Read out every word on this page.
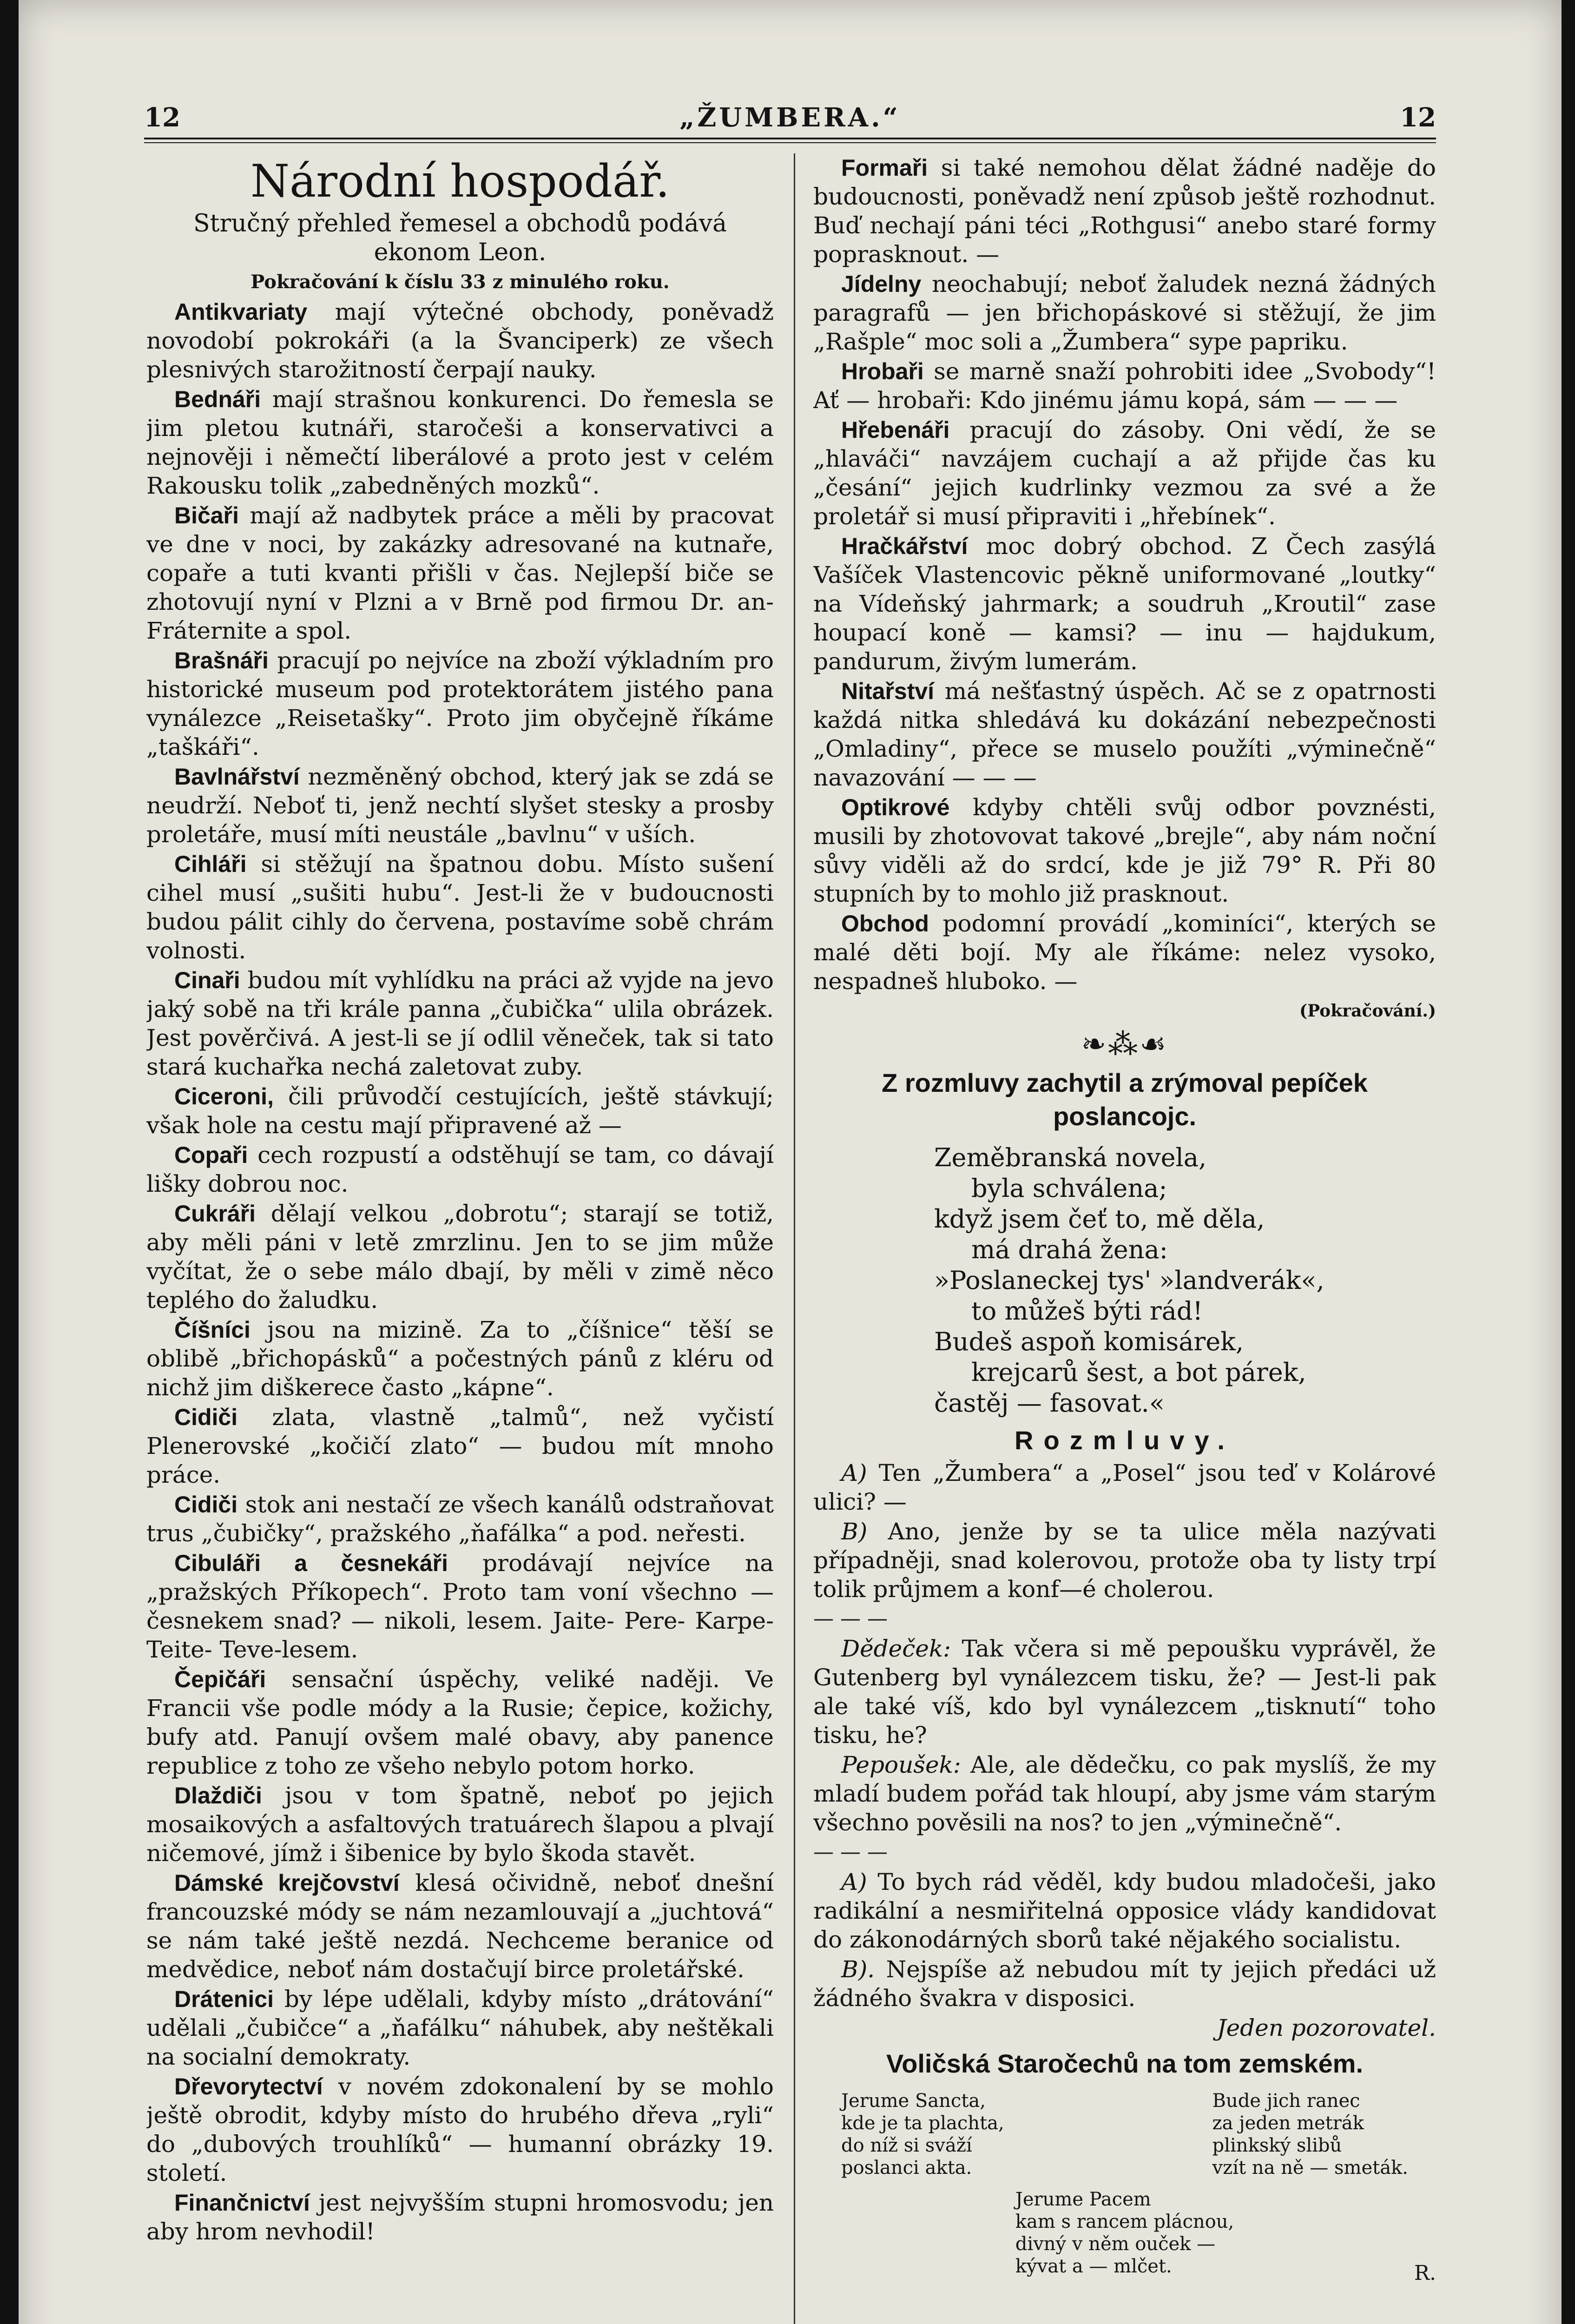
12	„ŽUMBERA.“	12
Národní hospodář.

Stručný přehled řemesel a obchodů podává ekonom Leon.

Pokračování k číslu 33 z minulého roku.

Antikvariaty mají výtečné obchody, poněvadž novodobí pokrokáři (a la Švanciperk) ze všech plesnivých starožitností čerpají nauky.

Bednáři mají strašnou konkurenci. Do řemesla se jim pletou kutnáři, staročeši a konservativci a nejnověji i němečtí liberálové a proto jest v celém Rakousku tolik „zabedněných mozků“.

Bičaři mají až nadbytek práce a měli by pracovat ve dne v noci, by zakázky adresované na kutnaře, copaře a tuti kvanti přišli v čas. Nejlepší biče se zhotovují nyní v Plzni a v Brně pod firmou Dr. an- Fráternite a spol.

Brašnáři pracují po nejvíce na zboží výkladním pro historické museum pod protektorátem jistého pana vynálezce „Reisetašky“. Proto jim obyčejně říkáme „taškáři“.

Bavlnářství nezměněný obchod, který jak se zdá se neudrží. Neboť ti, jenž nechtí slyšet stesky a prosby proletáře, musí míti neustále „bavlnu“ v uších.

Cihláři si stěžují na špatnou dobu. Místo sušení cihel musí „sušiti hubu“. Jest-li že v budoucnosti budou pálit cihly do červena, postavíme sobě chrám volnosti.

Cinaři budou mít vyhlídku na práci až vyjde na jevo jaký sobě na tři krále panna „čubička“ ulila obrázek. Jest pověrčivá. A jest-li se jí odlil věneček, tak si tato stará kuchařka nechá zaletovat zuby.

Ciceroni, čili průvodčí cestujících, ještě stávkují; však hole na cestu mají připravené až —

Copaři cech rozpustí a odstěhují se tam, co dávají lišky dobrou noc.

Cukráři dělají velkou „dobrotu“; starají se totiž, aby měli páni v letě zmrzlinu. Jen to se jim může vyčítat, že o sebe málo dbají, by měli v zimě něco teplého do žaludku.

Číšníci jsou na mizině. Za to „číšnice“ těší se oblibě „břichopásků“ a počestných pánů z kléru od nichž jim diškerece často „kápne“.

Cidiči zlata, vlastně „talmů“, než vyčistí Plenerovské „kočičí zlato“ — budou mít mnoho práce.

Cidiči stok ani nestačí ze všech kanálů odstraňovat trus „čubičky“, pražského „ňafálka“ a pod. neřesti.

Cibuláři a česnekáři prodávají nejvíce na „pražských Příkopech“. Proto tam voní všechno — česnekem snad? — nikoli, lesem. Jaite- Pere- Karpe- Teite- Teve-lesem.

Čepičáři sensační úspěchy, veliké naději. Ve Francii vše podle módy a la Rusie; čepice, kožichy, bufy atd. Panují ovšem malé obavy, aby panence republice z toho ze všeho nebylo potom horko.

Dlaždiči jsou v tom špatně, neboť po jejich mosaikových a asfaltových tratuárech šlapou a plvají ničemové, jímž i šibenice by bylo škoda stavět.

Dámské krejčovství klesá očividně, neboť dnešní francouzské módy se nám nezamlouvají a „juchtová“ se nám také ještě nezdá. Nechceme beranice od medvědice, neboť nám dostačují birce proletářské.

Drátenici by lépe udělali, kdyby místo „drátování“ udělali „čubičce“ a „ňafálku“ náhubek, aby neštěkali na socialní demokraty.

Dřevorytectví v novém zdokonalení by se mohlo ještě obrodit, kdyby místo do hrubého dřeva „ryli“ do „dubových trouhlíků“ — humanní obrázky 19. století.

Finančnictví jest nejvyšším stupni hromosvodu; jen aby hrom nevhodil!

Formaři si také nemohou dělat žádné naděje do budoucnosti, poněvadž není způsob ještě rozhodnut. Buď nechají páni téci „Rothgusi“ anebo staré formy poprasknout. —

Jídelny neochabují; neboť žaludek nezná žádných paragrafů — jen břichopáskové si stěžují, že jim „Rašple“ moc soli a „Žumbera“ sype papriku.

Hrobaři se marně snaží pohrobiti idee „Svobody“! Ať — hrobaři: Kdo jinému jámu kopá, sám — — —

Hřebenáři pracují do zásoby. Oni vědí, že se „hlaváči“ navzájem cuchají a až přijde čas ku „česání“ jejich kudrlinky vezmou za své a že proletář si musí připraviti i „hřebínek“.

Hračkářství moc dobrý obchod. Z Čech zasýlá Vašíček Vlastencovic pěkně uniformované „loutky“ na Vídeňský jahrmark; a soudruh „Kroutil“ zase houpací koně — kamsi? — inu — hajdukum, pandurum, živým lumerám.

Nitařství má nešťastný úspěch. Ač se z opatrnosti každá nitka shledává ku dokázání nebezpečnosti „Omladiny“, přece se muselo použíti „výminečně“ navazování — — —

Optikrové kdyby chtěli svůj odbor povznésti, musili by zhotovovat takové „brejle“, aby nám noční sůvy viděli až do srdcí, kde je již 79° R. Při 80 stupních by to mohlo již prasknout.

Obchod podomní provádí „kominíci“, kterých se malé děti bojí. My ale říkáme: nelez vysoko, nespadneš hluboko. —

(Pokračování.)

❧⁂☙
Z rozmluvy zachytil a zrýmoval pepíček poslancojc.
Zeměbranská novela,
byla schválena;
když jsem čeť to, mě děla,
má drahá žena:
»Poslaneckej tys' »landverák«,
to můžeš býti rád!
Budeš aspoň komisárek,
krejcarů šest, a bot párek,
častěj — fasovat.«
Rozmluvy.

A) Ten „Žumbera“ a „Posel“ jsou teď v Kolárové ulici? —

B) Ano, jenže by se ta ulice měla nazývati případněji, snad kolerovou, protože oba ty listy trpí tolik průjmem a konf—é cholerou.

— — —

Dědeček: Tak včera si mě pepoušku vyprávěl, že Gutenberg byl vynálezcem tisku, že? — Jest-li pak ale také víš, kdo byl vynálezcem „tisknutí“ toho tisku, he?

Pepoušek: Ale, ale dědečku, co pak myslíš, že my mladí budem pořád tak hloupí, aby jsme vám starým všechno pověsili na nos? to jen „výminečně“.

— — —

A) To bych rád věděl, kdy budou mladočeši, jako radikální a nesmiřitelná opposice vlády kandidovat do zákonodárných sborů také nějakého socialistu.

B). Nejspíše až nebudou mít ty jejich předáci už žádného švakra v disposici.

Jeden pozorovatel.

Voličská Staročechů na tom zemském.
Jerume Sancta,
kde je ta plachta,
do níž si sváží
poslanci akta.
Bude jich ranec
za jeden metrák
plinkský slibů
vzít na ně — smeták.
Jerume Pacem
kam s rancem plácnou,
divný v něm ouček —
kývat a — mlčet.	R.
